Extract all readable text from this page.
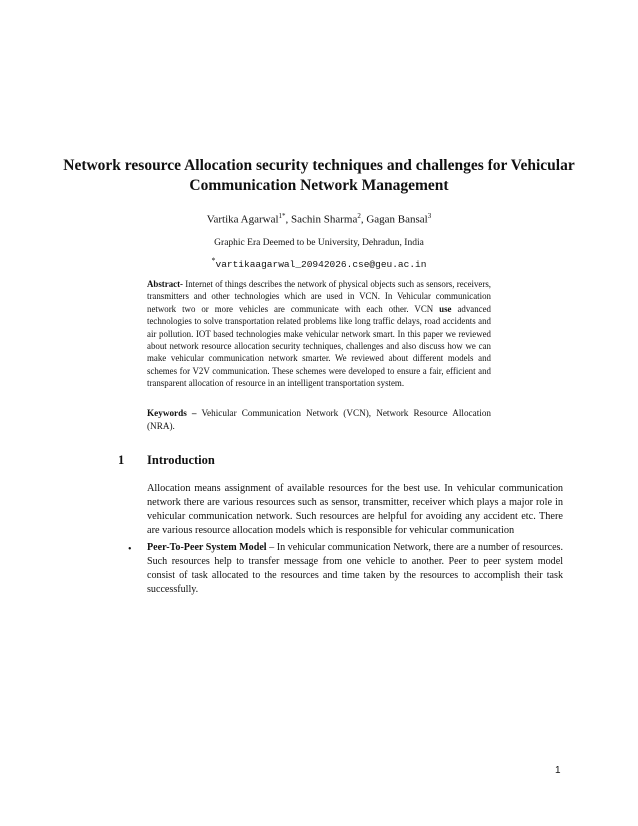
Network resource Allocation security techniques and challenges for Vehicular
Communication Network Management
Vartika Agarwal$^{1*}$, Sachin Sharma$^2$, Gagan Bansal$^3$
Graphic Era Deemed to be University, Dehradun, India
*vartikaagarwal_20942026.cse@geu.ac.in
Abstract- Internet of things describes the network of physical objects such as sensors, receivers, transmitters and other technologies which are used in VCN. In Vehicular communication network two or more vehicles are communicate with each other. VCN use advanced technologies to solve transportation related problems like long traffic delays, road accidents and air pollution. IOT based technologies make vehicular network smart. In this paper we reviewed about network resource allocation security techniques, challenges and also discuss how we can make vehicular communication network smarter. We reviewed about different models and schemes for V2V communication. These schemes were developed to ensure a fair, efficient and transparent allocation of resource in an intelligent transportation system.
Keywords – Vehicular Communication Network (VCN), Network Resource Allocation (NRA).
1 Introduction
Allocation means assignment of available resources for the best use. In vehicular communication network there are various resources such as sensor, transmitter, receiver which plays a major role in vehicular communication network. Such resources are helpful for avoiding any accident etc. There are various resource allocation models which is responsible for vehicular communication
• Peer-To-Peer System Model – In vehicular communication Network, there are a number of resources. Such resources help to transfer message from one vehicle to another. Peer to peer system model consist of task allocated to the resources and time taken by the resources to accomplish their task successfully.
1
